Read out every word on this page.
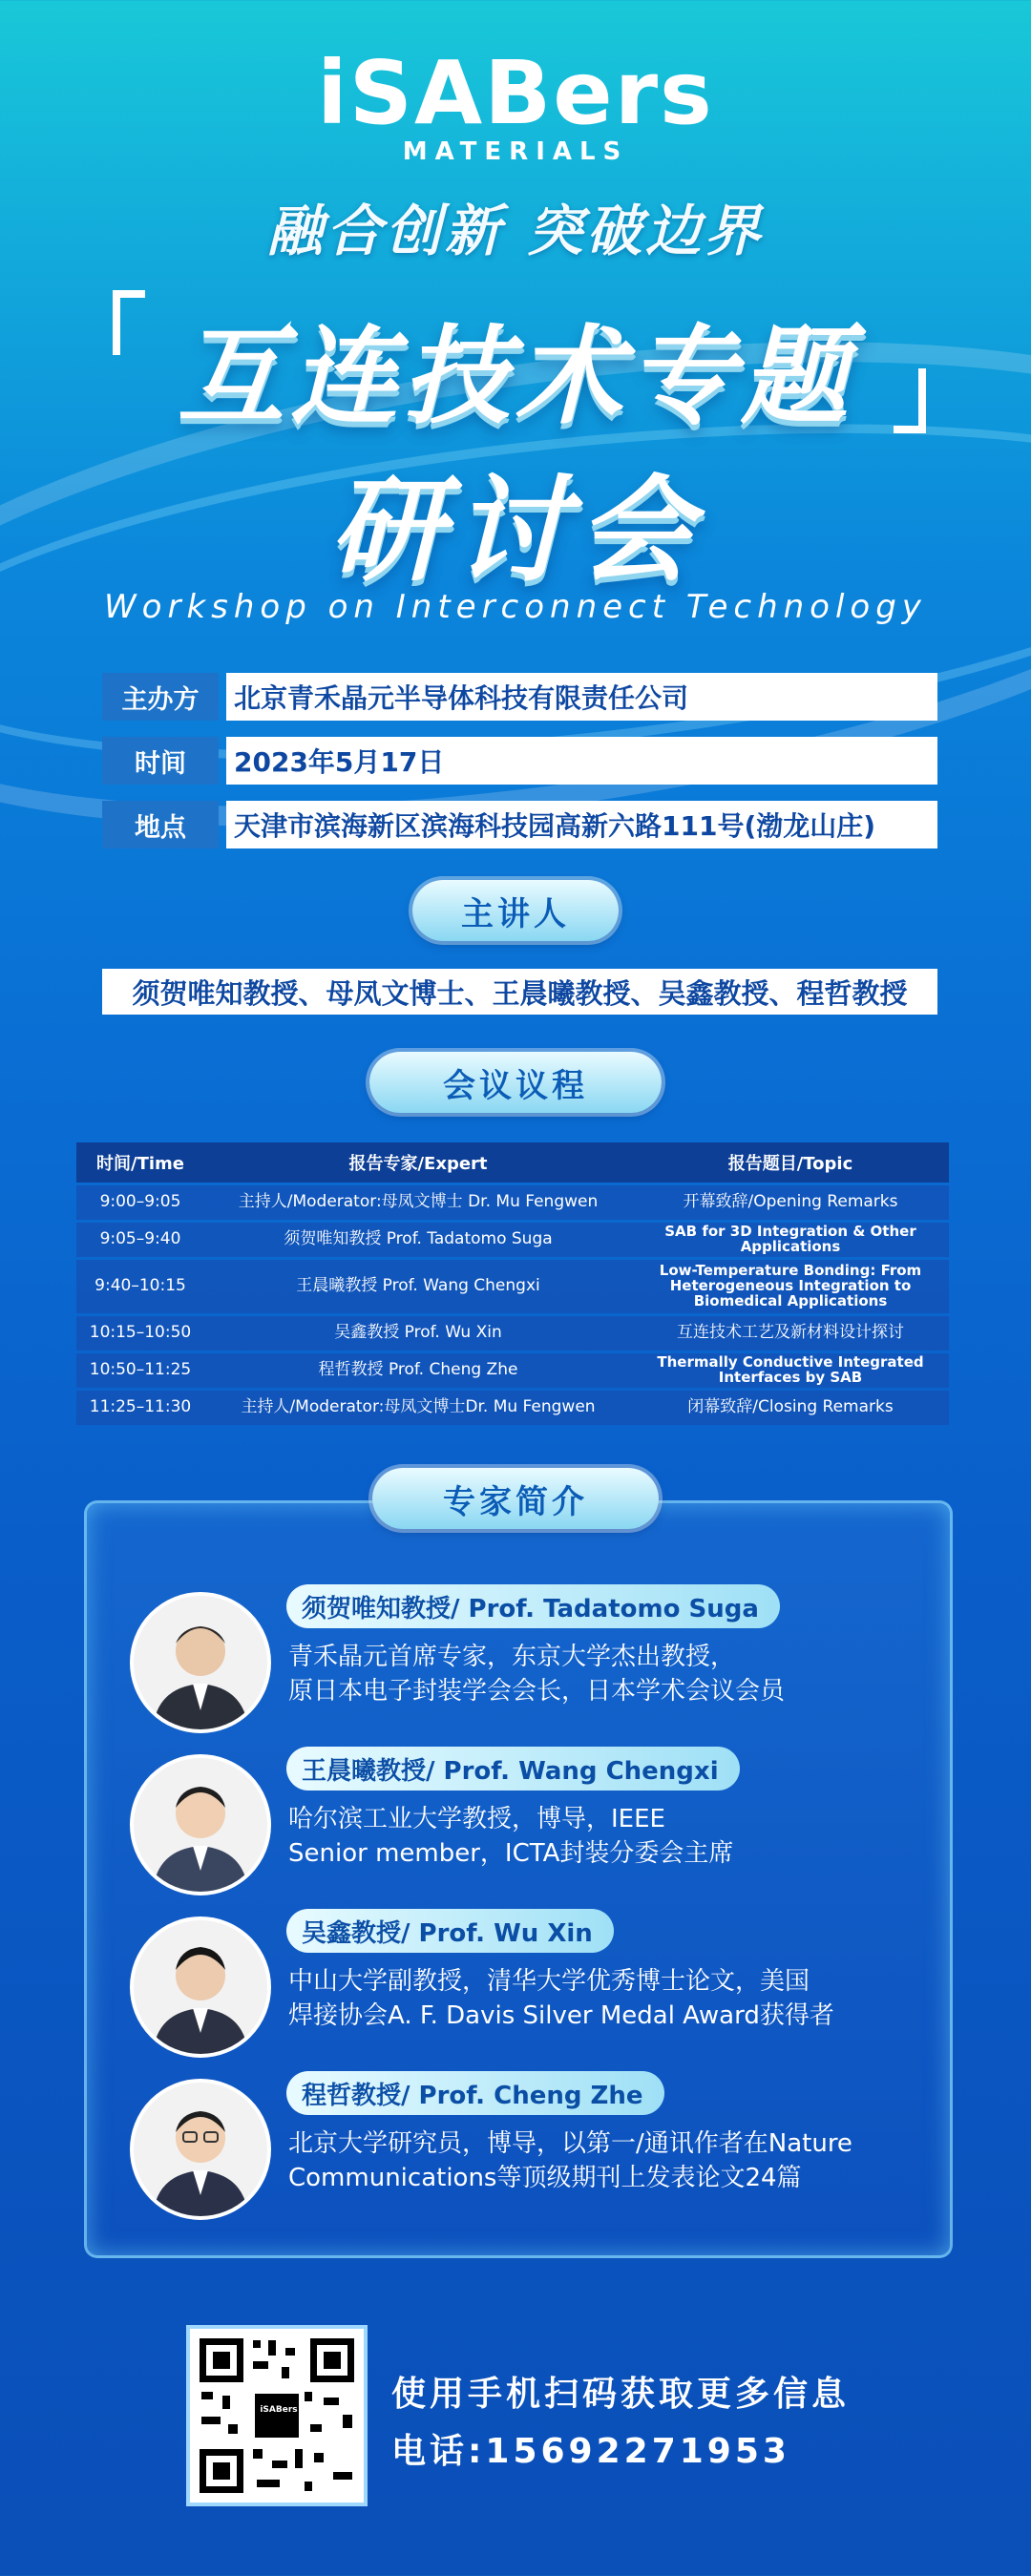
iSABers
MATERIALS
融合创新 突破边界
互连技术专题
研讨会
Workshop on Interconnect Technology
主办方	北京青禾晶元半导体科技有限责任公司
时间	2023年5月17日
地点	天津市滨海新区滨海科技园高新六路111号(渤龙山庄)
主讲人
须贺唯知教授、母凤文博士、王晨曦教授、吴鑫教授、程哲教授
会议议程
时间/Time	报告专家/Expert	报告题目/Topic
9:00–9:05	主持人/Moderator:母凤文博士 Dr. Mu Fengwen	开幕致辞/Opening Remarks
9:05–9:40	须贺唯知教授 Prof. Tadatomo Suga	SAB for 3D Integration & Other Applications
9:40–10:15	王晨曦教授 Prof. Wang Chengxi	Low-Temperature Bonding: From Heterogeneous Integration to Biomedical Applications
10:15–10:50	吴鑫教授 Prof. Wu Xin	互连技术工艺及新材料设计探讨
10:50–11:25	程哲教授 Prof. Cheng Zhe	Thermally Conductive Integrated Interfaces by SAB
11:25–11:30	主持人/Moderator:母凤文博士Dr. Mu Fengwen	闭幕致辞/Closing Remarks
专家简介
须贺唯知教授/ Prof. Tadatomo Suga
青禾晶元首席专家，东京大学杰出教授，
原日本电子封装学会会长，日本学术会议会员
王晨曦教授/ Prof. Wang Chengxi
哈尔滨工业大学教授，博导，IEEE
Senior member，ICTA封装分委会主席
吴鑫教授/ Prof. Wu Xin
中山大学副教授，清华大学优秀博士论文，美国
焊接协会A. F. Davis Silver Medal Award获得者
程哲教授/ Prof. Cheng Zhe
北京大学研究员，博导，以第一/通讯作者在Nature
Communications等顶级期刊上发表论文24篇
iSABers	使用手机扫码获取更多信息
电话:15692271953
